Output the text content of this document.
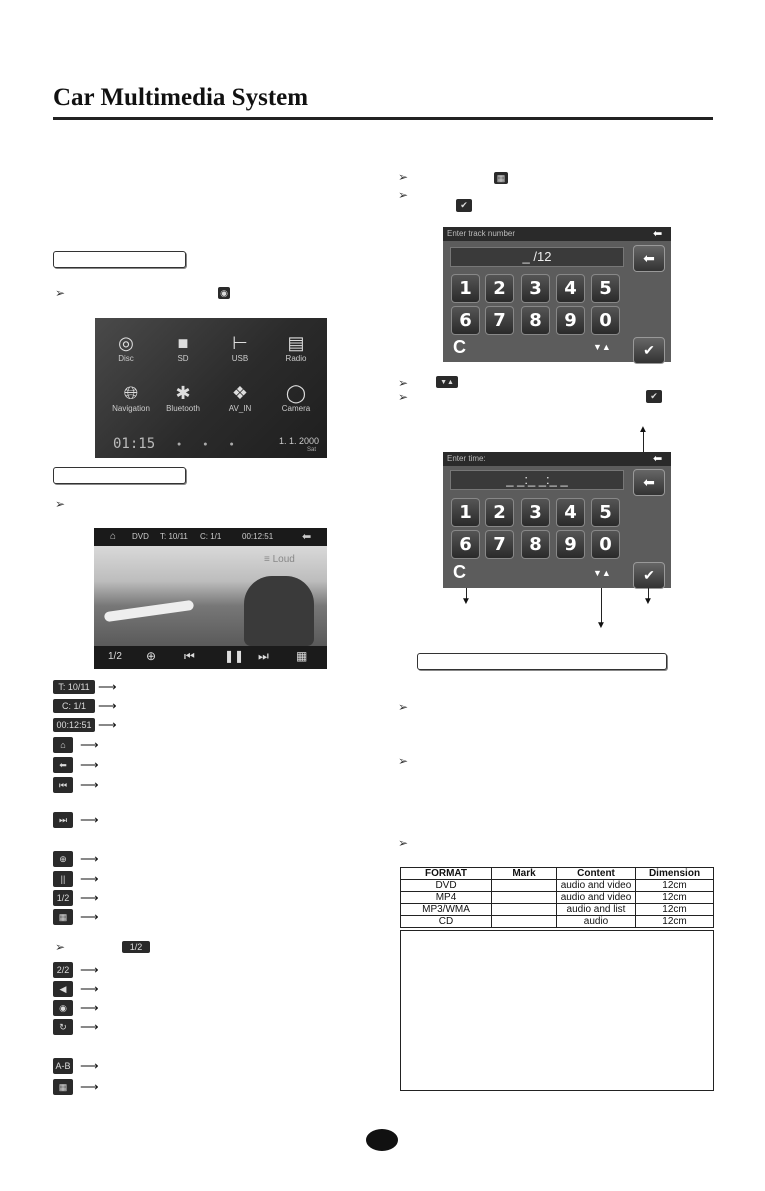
Car Multimedia System
➢	◉
◎
Disc
■
SD
⊢
USB
▤
Radio
🌐︎
Navigation
✱
Bluetooth
❖
AV_IN
◯
Camera
01:15	●●●	1. 1. 2000
Sat
➢
⌂ DVD T: 10/11 C: 1/1	00:12:51	⬅
≡ Loud
1/2 ⊕ ⏮︎ ❚❚ ⏭︎ ▦
T: 10/11 ⟶
C: 1/1 ⟶
00:12:51 ⟶
⌂	⟶
⬅	⟶
⏮︎ ⟶
⏭︎ ⟶
⊕	⟶
||	⟶
1/2 ⟶
▦ ⟶
➢	1/2
2/2 ⟶
◀	⟶
◉	⟶
↻	⟶
A-B ⟶
▦ ⟶
➢	▦
➢
✔
Enter track number	⬅
_ /12	⬅
1	2	3	4	5
6	7	8	9	0
C	▼▲	✔
➢	▼▲
➢	✔
▲
Enter time:	⬅
_ _:_ _:_ _	⬅
1	2	3	4	5
6	7	8	9	0
C	▼▲	✔
▼
▼
▼
➢
➢
➢
FORMAT	Mark	Content	Dimension
DVD		audio and video	12cm
MP4		audio and video	12cm
MP3/WMA		audio and list	12cm
CD		audio	12cm
